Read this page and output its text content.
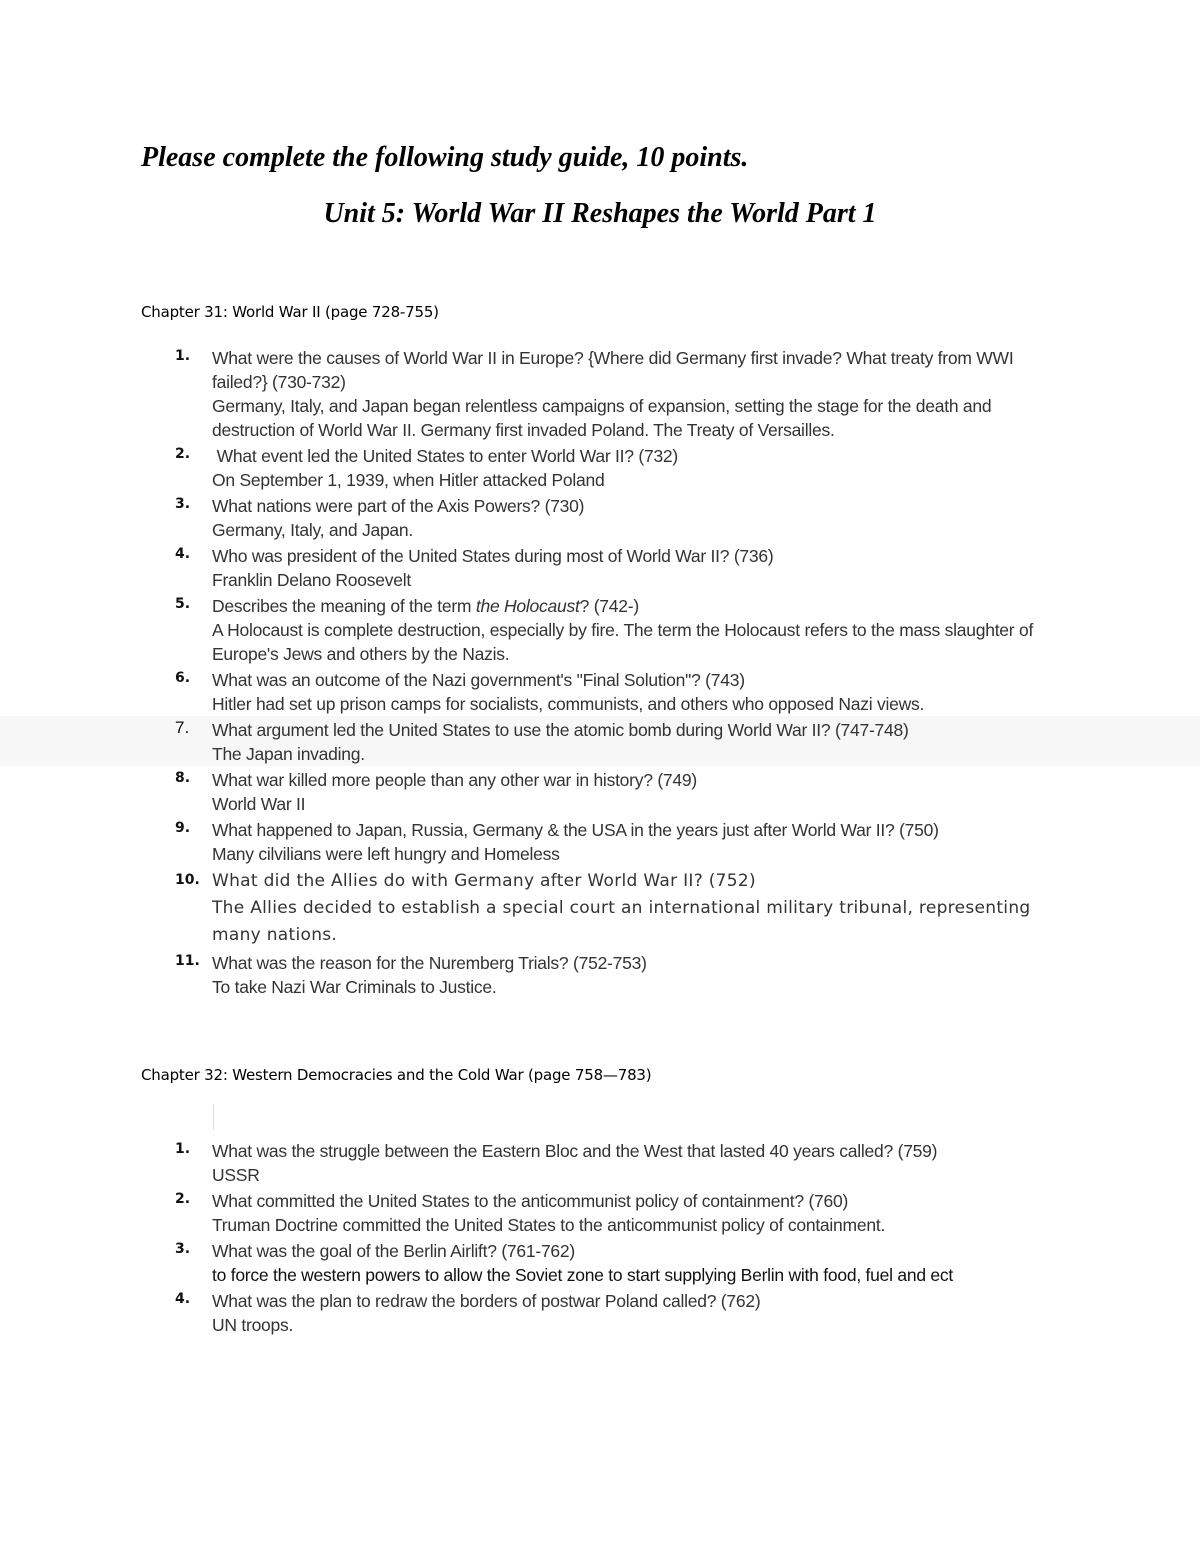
Please complete the following study guide, 10 points.
Unit 5: World War II Reshapes the World Part 1
Chapter 31: World War II (page 728-755)
1.	What were the causes of World War II in Europe? {Where did Germany first invade? What treaty from WWI failed?} (730-732)
Germany, Italy, and Japan began relentless campaigns of expansion, setting the stage for the death and destruction of World War II. Germany first invaded Poland. The Treaty of Versailles.
2.	What event led the United States to enter World War II? (732)
On September 1, 1939, when Hitler attacked Poland
3.	What nations were part of the Axis Powers? (730)
Germany, Italy, and Japan.
4.	Who was president of the United States during most of World War II? (736)
Franklin Delano Roosevelt
5.	Describes the meaning of the term the Holocaust? (742-)
A Holocaust is complete destruction, especially by fire. The term the Holocaust refers to the mass slaughter of Europe's Jews and others by the Nazis.
6.	What was an outcome of the Nazi government's "Final Solution"? (743)
Hitler had set up prison camps for socialists, communists, and others who opposed Nazi views.
7.	What argument led the United States to use the atomic bomb during World War II? (747-748)
The Japan invading.
8.	What war killed more people than any other war in history? (749)
World War II
9.	What happened to Japan, Russia, Germany & the USA in the years just after World War II? (750)
Many cilvilians were left hungry and Homeless
10. What did the Allies do with Germany after World War II? (752)
The Allies decided to establish a special court an international military tribunal, representing many nations.
11. What was the reason for the Nuremberg Trials? (752-753)
To take Nazi War Criminals to Justice.
Chapter 32: Western Democracies and the Cold War (page 758—783)
1.	What was the struggle between the Eastern Bloc and the West that lasted 40 years called? (759)
USSR
2.	What committed the United States to the anticommunist policy of containment? (760)
Truman Doctrine committed the United States to the anticommunist policy of containment.
3.	What was the goal of the Berlin Airlift? (761-762)
to force the western powers to allow the Soviet zone to start supplying Berlin with food, fuel and ect
4.	What was the plan to redraw the borders of postwar Poland called? (762)
UN troops.
